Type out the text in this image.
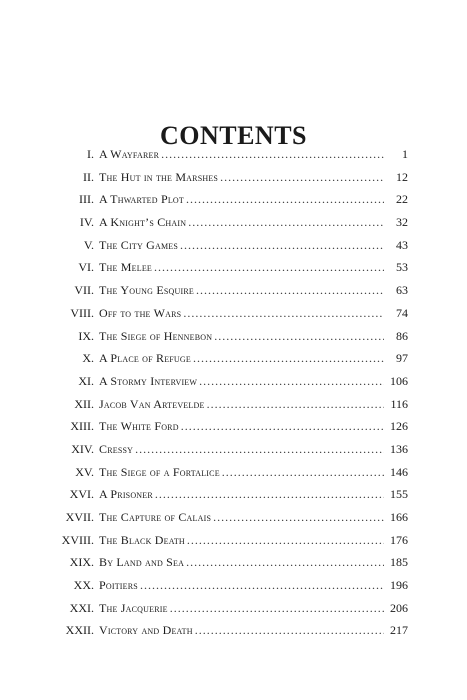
CONTENTS
I. A Wayfarer .....	1
II. The Hut in the Marshes .....	12
III. A Thwarted Plot .....	22
IV. A Knight’s Chain .....	32
V. The City Games .....	43
VI. The Melee .....	53
VII. The Young Esquire .....	63
VIII. Off to the Wars .....	74
IX. The Siege of Hennebon .....	86
X. A Place of Refuge .....	97
XI. A Stormy Interview .....	106
XII. Jacob Van Artevelde .....	116
XIII. The White Ford .....	126
XIV. Cressy .....	136
XV. The Siege of a Fortalice .....	146
XVI. A Prisoner .....	155
XVII. The Capture of Calais .....	166
XVIII. The Black Death .....	176
XIX. By Land and Sea .....	185
XX. Poitiers .....	196
XXI. The Jacquerie .....	206
XXII. Victory and Death .....	217
